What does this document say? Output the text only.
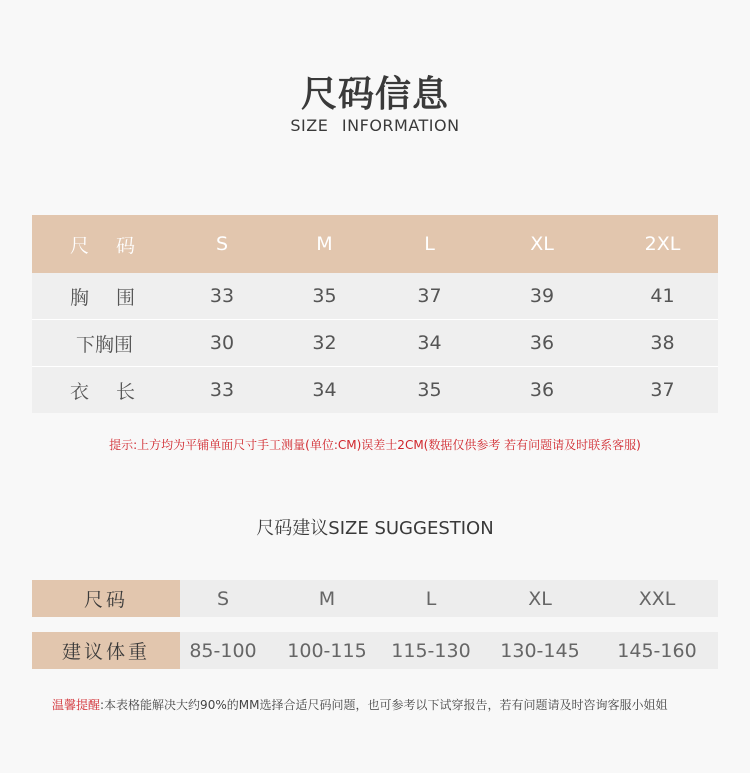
尺码信息
SIZE INFORMATION
尺　码	S	M	L	XL	2XL
胸　围	33	35	37	39	41
下胸围	30	32	34	36	38
衣　长	33	34	35	36	37
提示:上方均为平铺单面尺寸手工测量(单位:CM)误差士2CM(数据仅供参考 若有问题请及时联系客服)
尺码建议SIZE SUGGESTION
尺码	S	M	L	XL	XXL
建议体重	85-100	100-115	115-130	130-145	145-160
温馨提醒:本表格能解决大约90%的MM选择合适尺码问题，也可参考以下试穿报告，若有问题请及时咨询客服小姐姐
